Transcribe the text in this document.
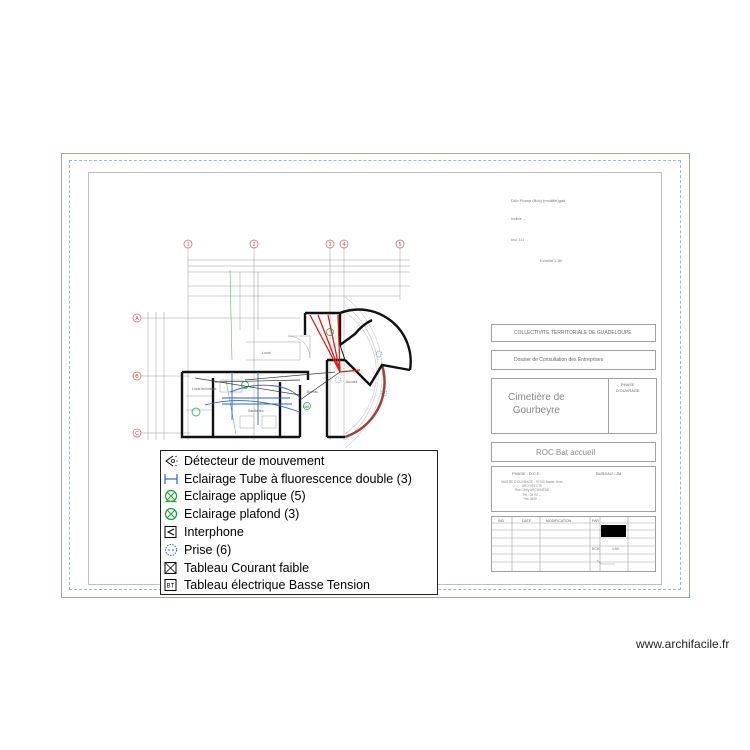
DAo Plomp (Bdc) (modifié)gad
Indice ...
Ind. 1/1
Echelle 1:50
COLLECTIVITE TERRITORIALE DE GUADELOUPE
Dossier de Consultation des Entreprises
Cimetière de
Gourbeyre
PHASE
D'OUVRAGE
ROC Bat accueil
PHASE : D.C.E	BUREAU : JM
MAITRE D'OUVRAGE - 97100 Basse-Terre
ARCHITECTE
Rue Gerty ARCHIMEDE
Tel : 05 90 ...
Fax 0590 ...
IND	DATE	MODIFICATION	PAR
ECH	1:50
1	2	3 4	5
A
B
C
Local
Accueil
Hall
Sanitaires
Local technique
Bureau
Détecteur de mouvement
Eclairage Tube à fluorescence double (3)
Eclairage applique (5)
Eclairage plafond (3)
Interphone
Prise (6)
Tableau Courant faible
BT Tableau électrique Basse Tension
www.archifacile.fr
